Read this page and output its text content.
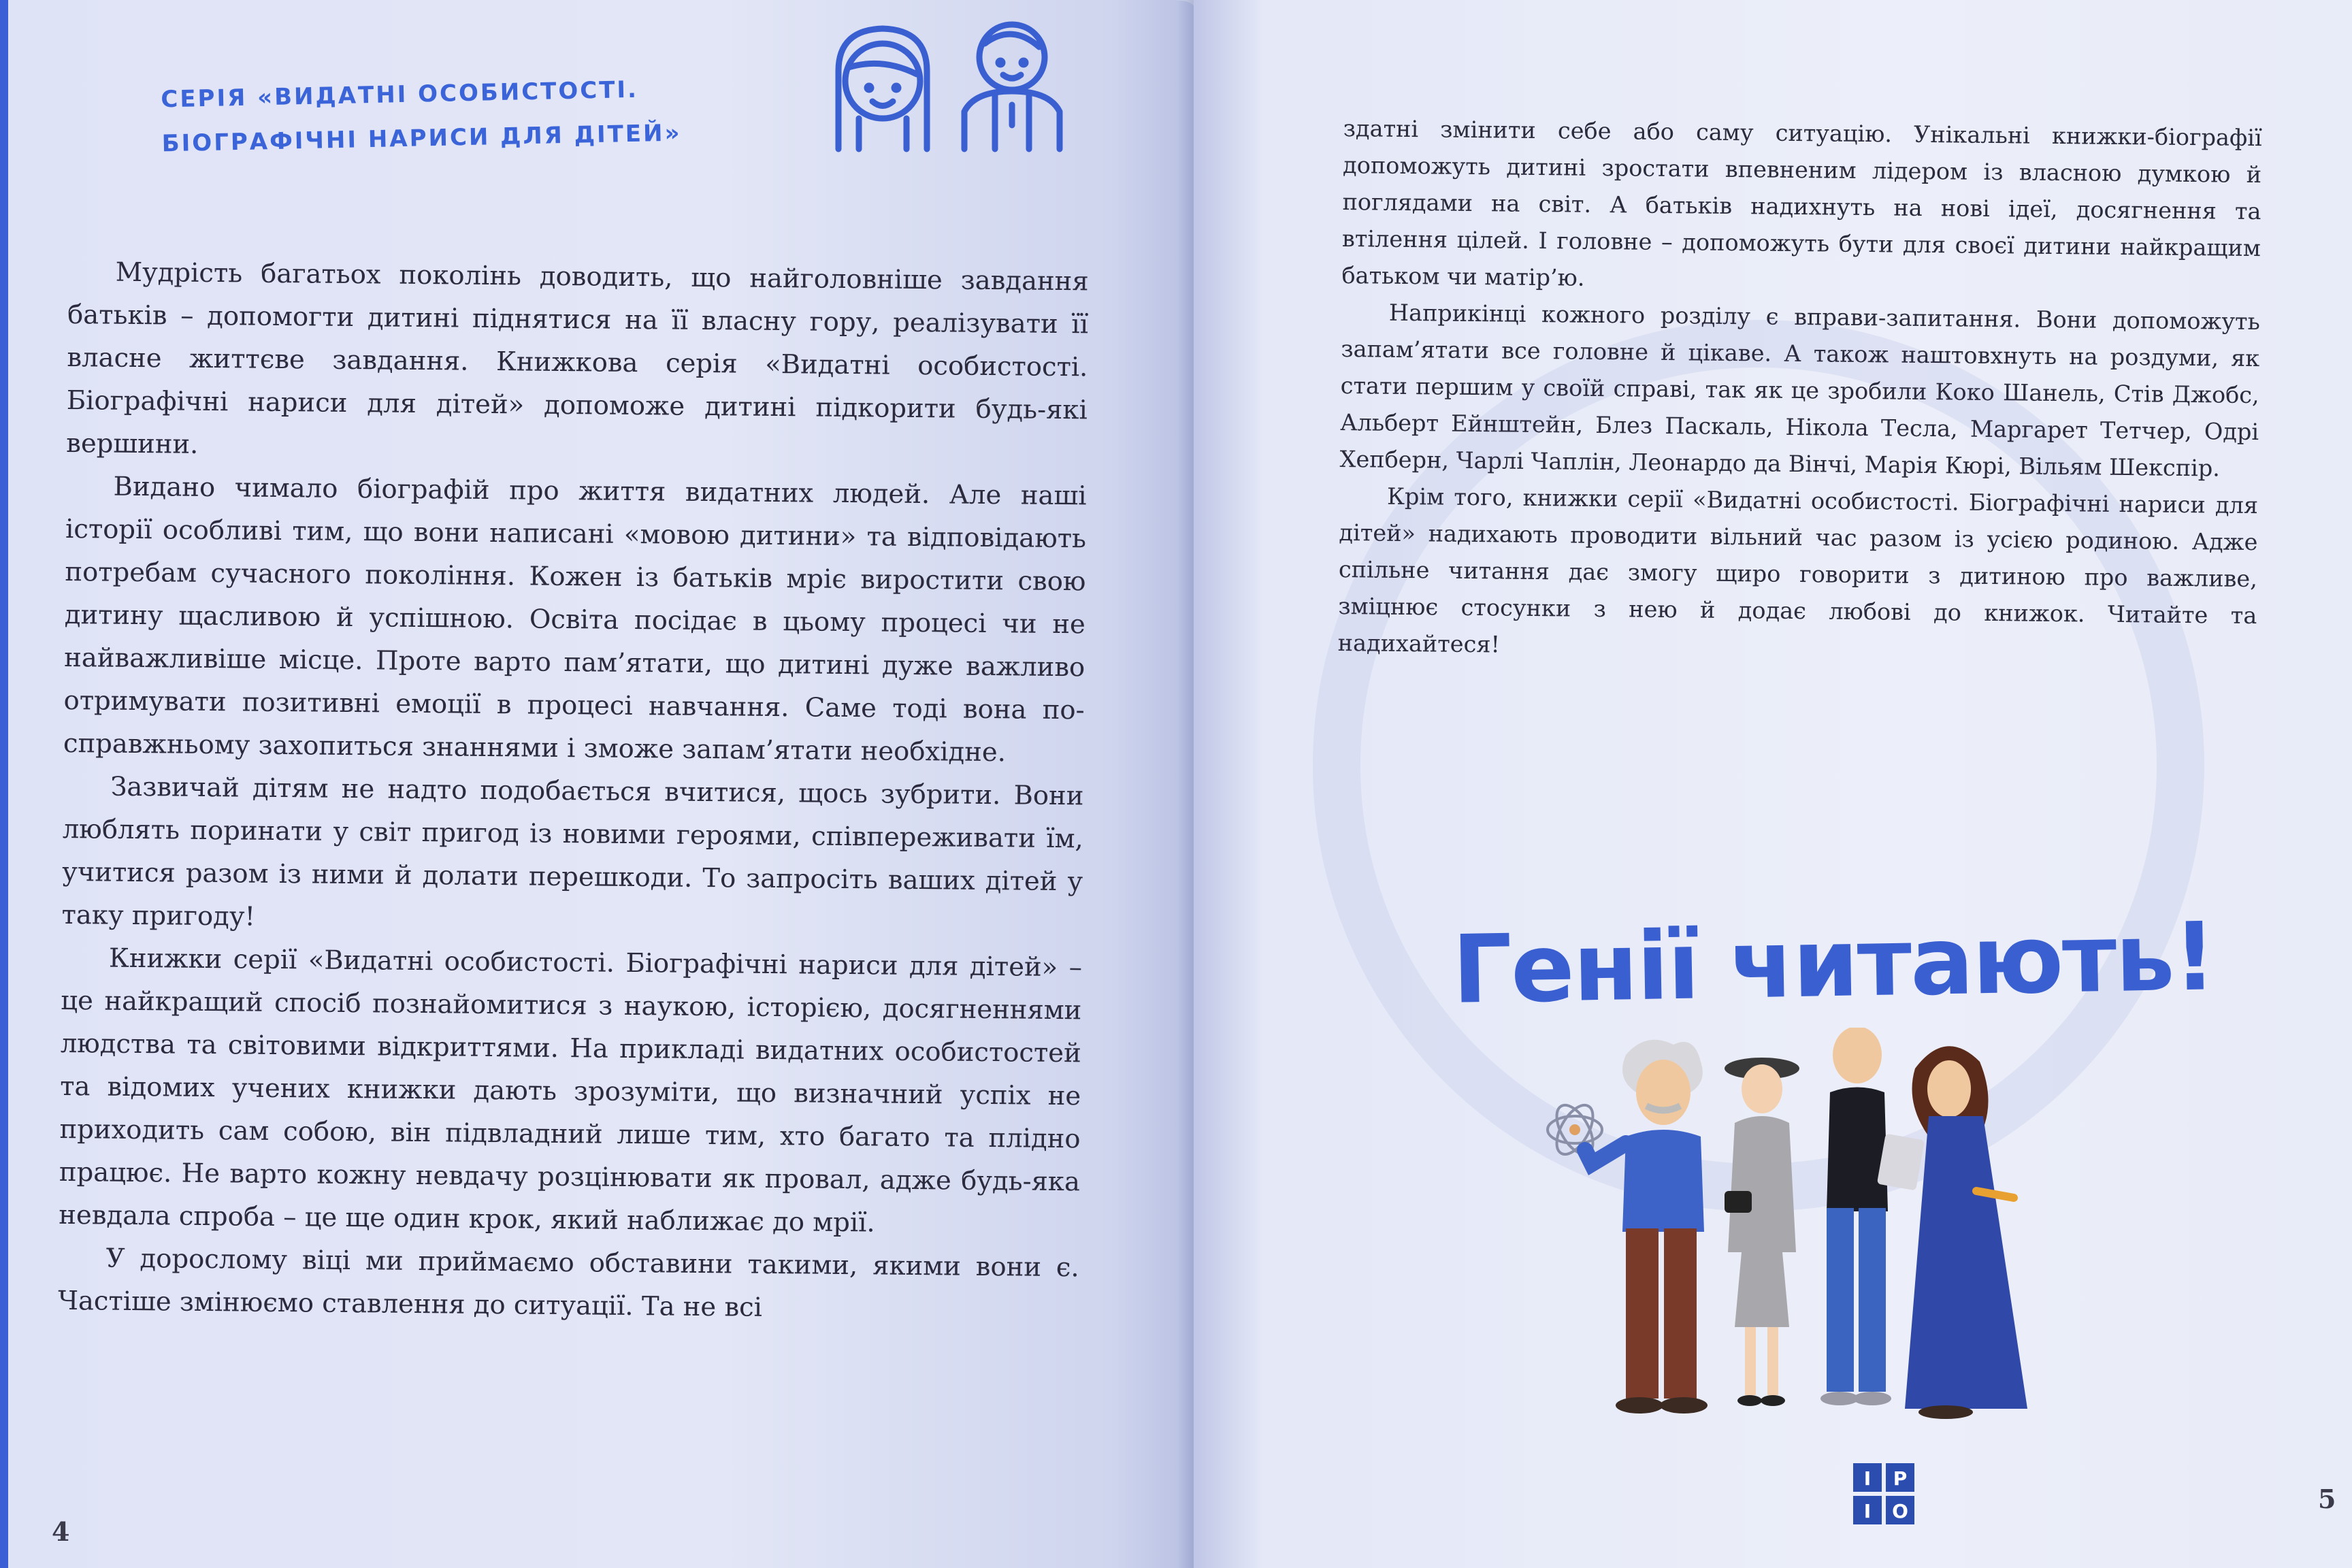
СЕРІЯ «ВИДАТНІ ОСОБИСТОСТІ.
БІОГРАФІЧНІ НАРИСИ ДЛЯ ДІТЕЙ»

Мудрість багатьох поколінь доводить, що найголовніше завдання батьків – допомогти дитині піднятися на її власну гору, реалізувати її власне життєве завдання. Книжкова серія «Видатні особистості. Біографічні нариси для дітей» допоможе дитині підкорити будь-які вершини.

Видано чимало біографій про життя видатних людей. Але наші історії особливі тим, що вони написані «мовою дитини» та відповідають потребам сучасного покоління. Кожен із батьків мріє виростити свою дитину щасливою й успішною. Освіта посідає в цьому процесі чи не найважливіше місце. Проте варто пам’ятати, що дитині дуже важливо отримувати позитивні емоції в процесі навчання. Саме тоді вона по-справжньому захопиться знаннями і зможе запам’ятати необхідне.

Зазвичай дітям не надто подобається вчитися, щось зубрити. Вони люблять поринати у світ пригод із новими героями, співпереживати їм, учитися разом із ними й долати перешкоди. То запросіть ваших дітей у таку пригоду!

Книжки серії «Видатні особистості. Біографічні нариси для дітей» – це найкращий спосіб познайомитися з наукою, історією, досягненнями людства та світовими відкриттями. На прикладі видатних особистостей та відомих учених книжки дають зрозуміти, що визначний успіх не приходить сам собою, він підвладний лише тим, хто багато та плідно працює. Не варто кожну невдачу розцінювати як провал, адже будь-яка невдала спроба – це ще один крок, який наближає до мрії.

У дорослому віці ми приймаємо обставини такими, якими вони є. Частіше змінюємо ставлення до ситуації. Та не всі

4

здатні змінити себе або саму ситуацію. Унікальні книжки-біографії допоможуть дитині зростати впевненим лідером із власною думкою й поглядами на світ. А батьків надихнуть на нові ідеї, досягнення та втілення цілей. І головне – допоможуть бути для своєї дитини найкращим батьком чи матір’ю.

Наприкінці кожного розділу є вправи-запитання. Вони допоможуть запам’ятати все головне й цікаве. А також наштовхнуть на роздуми, як стати першим у своїй справі, так як це зробили Коко Шанель, Стів Джобс, Альберт Ейнштейн, Блез Паскаль, Нікола Тесла, Маргарет Тетчер, Одрі Хепберн, Чарлі Чаплін, Леонардо да Вінчі, Марія Кюрі, Вільям Шекспір.

Крім того, книжки серії «Видатні особистості. Біографічні нариси для дітей» надихають проводити вільний час разом із усією родиною. Адже спільне читання дає змогу щиро говорити з дитиною про важливе, зміцнює стосунки з нею й додає любові до книжок. Читайте та надихайтеся!

Генії читають!
І Р
І О	5
